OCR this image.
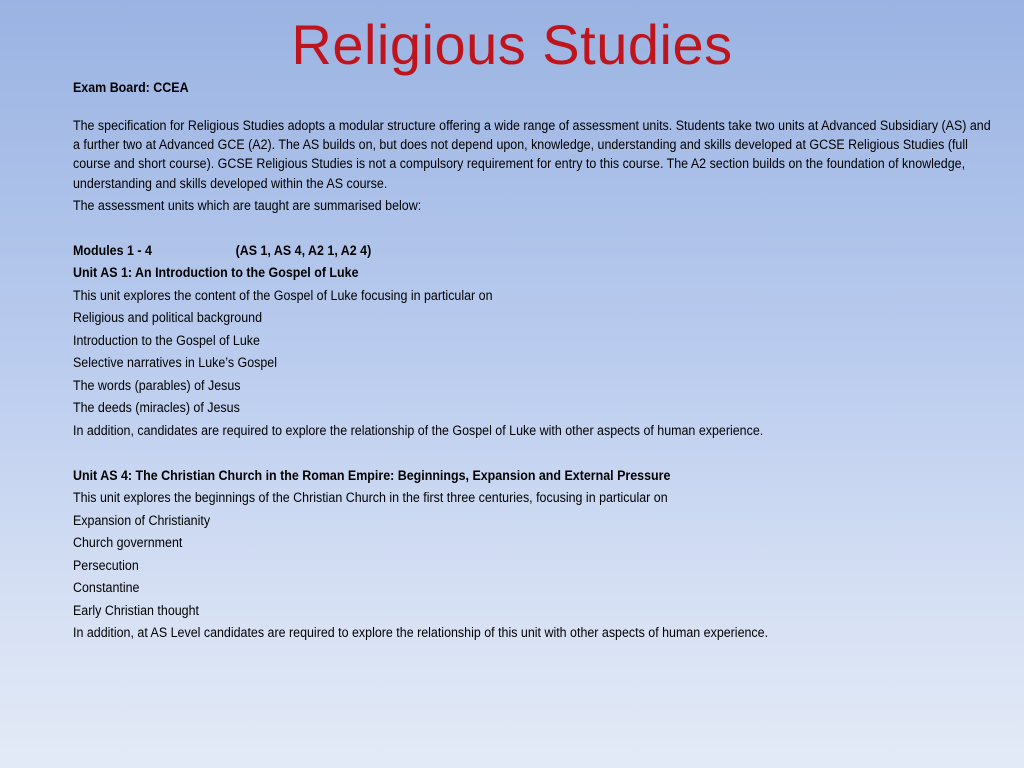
Religious Studies
Exam Board: CCEA
The specification for Religious Studies adopts a modular structure offering a wide range of assessment units. Students take two units at Advanced Subsidiary (AS) and a further two at Advanced GCE (A2). The AS builds on, but does not depend upon, knowledge, understanding and skills developed at GCSE Religious Studies (full course and short course). GCSE Religious Studies is not a compulsory requirement for entry to this course. The A2 section builds on the foundation of knowledge, understanding and skills developed within the AS course.
The assessment units which are taught are summarised below:
Modules 1 - 4	(AS 1, AS 4, A2 1, A2 4)
Unit AS 1: An Introduction to the Gospel of Luke
This unit explores the content of the Gospel of Luke focusing in particular on
Religious and political background
Introduction to the Gospel of Luke
Selective narratives in Luke’s Gospel
The words (parables) of Jesus
The deeds (miracles) of Jesus
In addition, candidates are required to explore the relationship of the Gospel of Luke with other aspects of human experience.
Unit AS 4: The Christian Church in the Roman Empire: Beginnings, Expansion and External Pressure
This unit explores the beginnings of the Christian Church in the first three centuries, focusing in particular on
Expansion of Christianity
Church government
Persecution
Constantine
Early Christian thought
In addition, at AS Level candidates are required to explore the relationship of this unit with other aspects of human experience.
